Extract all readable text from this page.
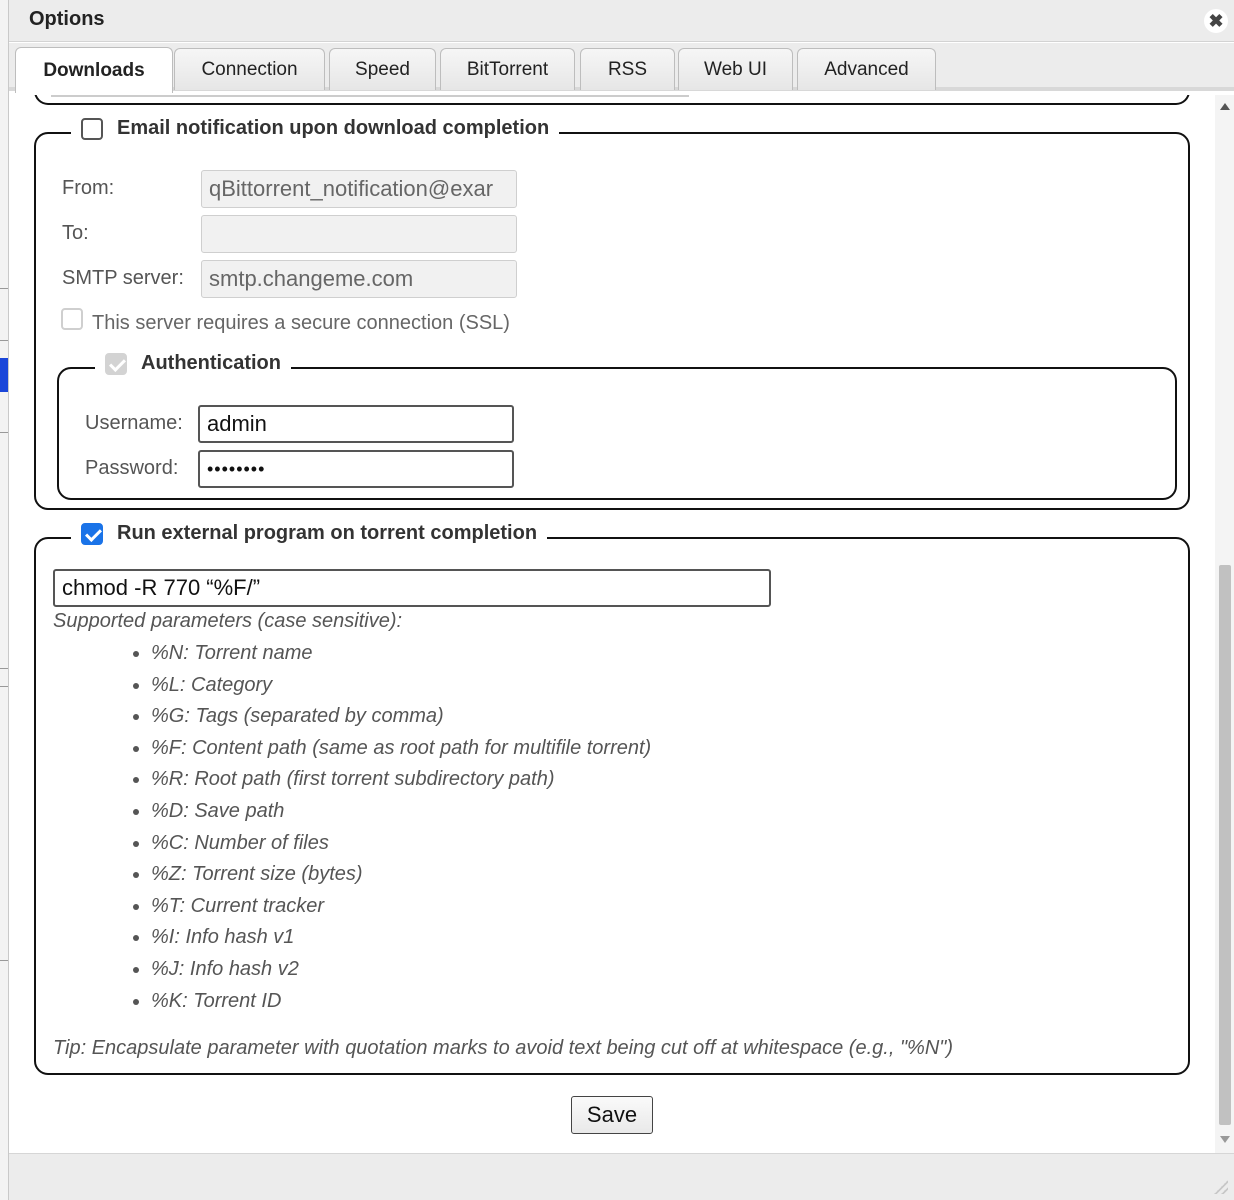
Options	✖
Downloads	Connection	Speed	BitTorrent	RSS	Web UI	Advanced
Email notification upon download completion
From:	qBittorrent_notification@exar
To:
SMTP server:	smtp.changeme.com
This server requires a secure connection (SSL)
Authentication
Username:	admin
Password:	••••••••
Run external program on torrent completion
chmod -R 770 “%F/”
Supported parameters (case sensitive):
• %N: Torrent name
• %L: Category
• %G: Tags (separated by comma)
• %F: Content path (same as root path for multifile torrent)
• %R: Root path (first torrent subdirectory path)
• %D: Save path
• %C: Number of files
• %Z: Torrent size (bytes)
• %T: Current tracker
• %I: Info hash v1
• %J: Info hash v2
• %K: Torrent ID
Tip: Encapsulate parameter with quotation marks to avoid text being cut off at whitespace (e.g., "%N")
Save
